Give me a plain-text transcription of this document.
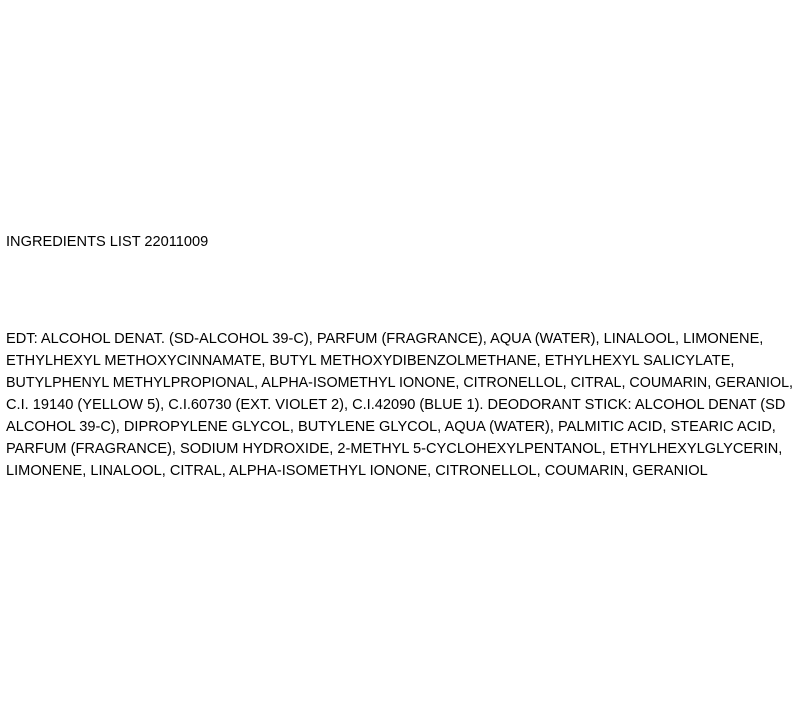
INGREDIENTS LIST 22011009
EDT: ALCOHOL DENAT. (SD-ALCOHOL 39-C), PARFUM (FRAGRANCE), AQUA (WATER), LINALOOL, LIMONENE,
ETHYLHEXYL METHOXYCINNAMATE, BUTYL METHOXYDIBENZOLMETHANE, ETHYLHEXYL SALICYLATE,
BUTYLPHENYL METHYLPROPIONAL, ALPHA-ISOMETHYL IONONE, CITRONELLOL, CITRAL, COUMARIN, GERANIOL,
C.I. 19140 (YELLOW 5), C.I.60730 (EXT. VIOLET 2), C.I.42090 (BLUE 1). DEODORANT STICK: ALCOHOL DENAT (SD
ALCOHOL 39-C), DIPROPYLENE GLYCOL, BUTYLENE GLYCOL, AQUA (WATER), PALMITIC ACID, STEARIC ACID,
PARFUM (FRAGRANCE), SODIUM HYDROXIDE, 2-METHYL 5-CYCLOHEXYLPENTANOL, ETHYLHEXYLGLYCERIN,
LIMONENE, LINALOOL, CITRAL, ALPHA-ISOMETHYL IONONE, CITRONELLOL, COUMARIN, GERANIOL
